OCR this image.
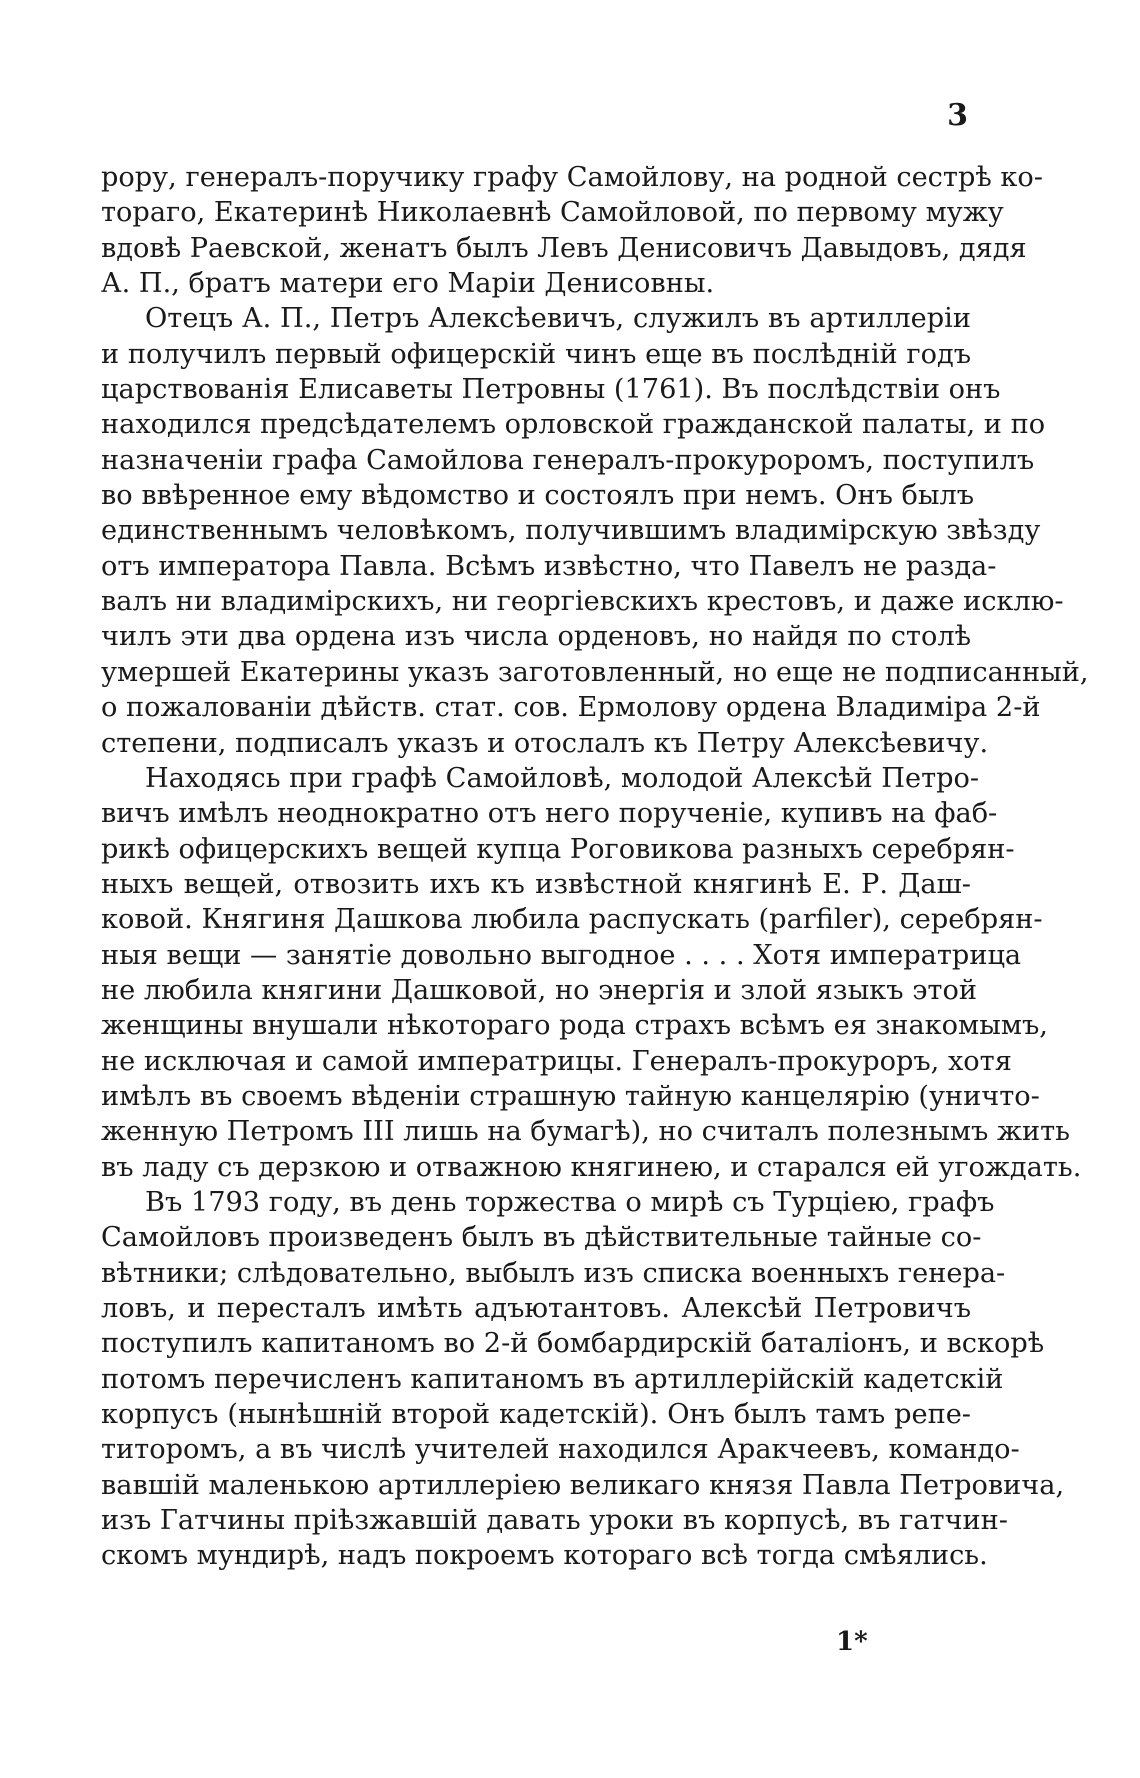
3
рору, генералъ-поручику графу Самойлову, на родной сестрѣ ко-
тораго, Екатеринѣ Николаевнѣ Самойловой, по первому мужу
вдовѣ Раевской, женатъ былъ Левъ Денисовичъ Давыдовъ, дядя
А. П., братъ матери его Маріи Денисовны.
Отецъ А. П., Петръ Алексѣевичъ, служилъ въ артиллеріи
и получилъ первый офицерскій чинъ еще въ послѣдній годъ
царствованія Елисаветы Петровны (1761). Въ послѣдствіи онъ
находился предсѣдателемъ орловской гражданской палаты, и по
назначеніи графа Самойлова генералъ-прокуроромъ, поступилъ
во ввѣренное ему вѣдомство и состоялъ при немъ. Онъ былъ
единственнымъ человѣкомъ, получившимъ владимірскую звѣзду
отъ императора Павла. Всѣмъ извѣстно, что Павелъ не разда-
валъ ни владимірскихъ, ни георгіевскихъ крестовъ, и даже исклю-
чилъ эти два ордена изъ числа орденовъ, но найдя по столѣ
умершей Екатерины указъ заготовленный, но еще не подписанный,
о пожалованіи дѣйств. стат. сов. Ермолову ордена Владиміра 2-й
степени, подписалъ указъ и отослалъ къ Петру Алексѣевичу.
Находясь при графѣ Самойловѣ, молодой Алексѣй Петро-
вичъ имѣлъ неоднократно отъ него порученіе, купивъ на фаб-
рикѣ офицерскихъ вещей купца Роговикова разныхъ серебрян-
ныхъ вещей, отвозить ихъ къ извѣстной княгинѣ Е. Р. Даш-
ковой. Княгиня Дашкова любила распускать (parfiler), серебрян-
ныя вещи — занятіе довольно выгодное . . . . Хотя императрица
не любила княгини Дашковой, но энергія и злой языкъ этой
женщины внушали нѣкотораго рода страхъ всѣмъ ея знакомымъ,
не исключая и самой императрицы. Генералъ-прокуроръ, хотя
имѣлъ въ своемъ вѣденіи страшную тайную канцелярію (уничто-
женную Петромъ III лишь на бумагѣ), но считалъ полезнымъ жить
въ ладу съ дерзкою и отважною княгинею, и старался ей угождать.
Въ 1793 году, въ день торжества о мирѣ съ Турціею, графъ
Самойловъ произведенъ былъ въ дѣйствительные тайные со-
вѣтники; слѣдовательно, выбылъ изъ списка военныхъ генера-
ловъ, и пересталъ имѣть адъютантовъ. Алексѣй Петровичъ
поступилъ капитаномъ во 2-й бомбардирскій баталіонъ, и вскорѣ
потомъ перечисленъ капитаномъ въ артиллерійскій кадетскій
корпусъ (нынѣшній второй кадетскій). Онъ былъ тамъ репе-
титоромъ, а въ числѣ учителей находился Аракчеевъ, командо-
вавшій маленькою артиллеріею великаго князя Павла Петровича,
изъ Гатчины пріѣзжавшій давать уроки въ корпусѣ, въ гатчин-
скомъ мундирѣ, надъ покроемъ котораго всѣ тогда смѣялись.
1*
